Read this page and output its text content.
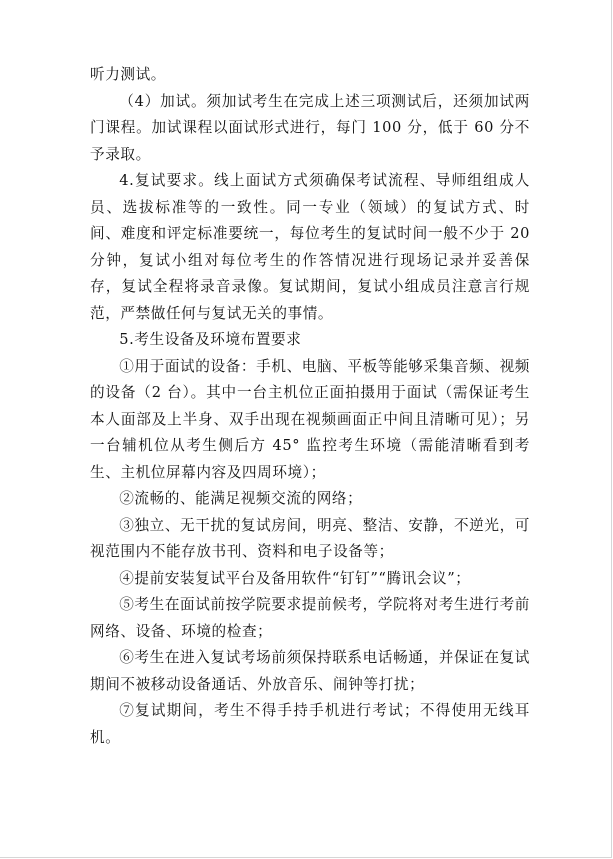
听力测试。

（4）加试。须加试考生在完成上述三项测试后，还须加试两门课程。加试课程以面试形式进行，每门 100 分，低于 60 分不予录取。

4.复试要求。线上面试方式须确保考试流程、导师组组成人员、选拔标准等的一致性。同一专业（领域）的复试方式、时间、难度和评定标准要统一，每位考生的复试时间一般不少于 20 分钟，复试小组对每位考生的作答情况进行现场记录并妥善保存，复试全程将录音录像。复试期间，复试小组成员注意言行规范，严禁做任何与复试无关的事情。

5.考生设备及环境布置要求

①用于面试的设备：手机、电脑、平板等能够采集音频、视频的设备（2 台）。其中一台主机位正面拍摄用于面试（需保证考生本人面部及上半身、双手出现在视频画面正中间且清晰可见）；另一台辅机位从考生侧后方 45° 监控考生环境（需能清晰看到考生、主机位屏幕内容及四周环境）；

②流畅的、能满足视频交流的网络；

③独立、无干扰的复试房间，明亮、整洁、安静，不逆光，可视范围内不能存放书刊、资料和电子设备等；

④提前安装复试平台及备用软件“钉钉”“腾讯会议”；

⑤考生在面试前按学院要求提前候考，学院将对考生进行考前网络、设备、环境的检查；

⑥考生在进入复试考场前须保持联系电话畅通，并保证在复试期间不被移动设备通话、外放音乐、闹钟等打扰；

⑦复试期间，考生不得手持手机进行考试；不得使用无线耳机。
